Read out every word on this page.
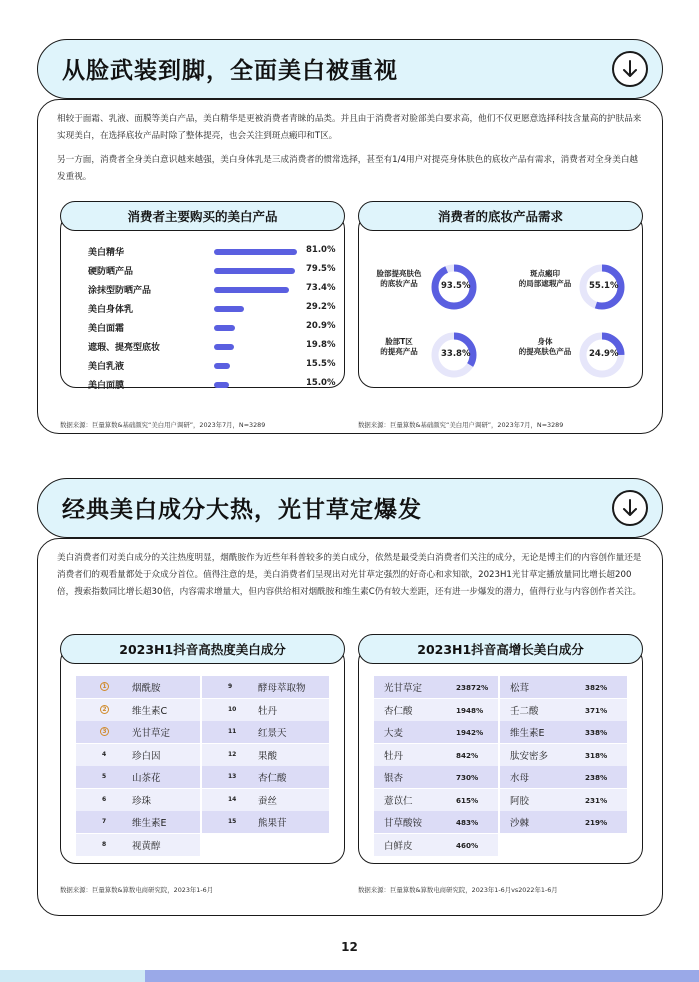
从脸武装到脚，全面美白被重视
相较于面霜、乳液、面膜等美白产品，美白精华是更被消费者青睐的品类。并且由于消费者对脸部美白要求高，他们不仅更愿意选择科技含量高的护肤品来实现美白，在选择底妆产品时除了整体提亮，也会关注到斑点瘢印和T区。
另一方面，消费者全身美白意识越来越强，美白身体乳是三成消费者的惯常选择，甚至有1/4用户对提亮身体肤色的底妆产品有需求，消费者对全身美白越发重视。
消费者主要购买的美白产品
美白精华	81.0%
硬防晒产品	79.5%
涂抹型防晒产品	73.4%
美白身体乳	29.2%
美白面霜	20.9%
遮瑕、提亮型底妆	19.8%
美白乳液	15.5%
美白面膜	15.0%
数据来源：巨量算数&基础颜究“美白用户调研”，2023年7月，N=3289
消费者的底妆产品需求
脸部提亮肤色
的底妆产品	93.5%
斑点瘢印
的局部遮瑕产品	55.1%
脸部T区
的提亮产品	33.8%
身体
的提亮肤色产品	24.9%
数据来源：巨量算数&基础颜究“美白用户调研”，2023年7月，N=3289
经典美白成分大热，光甘草定爆发
美白消费者们对美白成分的关注热度明显，烟酰胺作为近些年科普较多的美白成分，依然是最受美白消费者们关注的成分，无论是博主们的内容创作量还是消费者们的观看量都处于众成分首位。值得注意的是，美白消费者们呈现出对光甘草定强烈的好奇心和求知欲，2023H1光甘草定播放量同比增长超200倍，搜索指数同比增长超30倍，内容需求增量大，但内容供给相对烟酰胺和维生素C仍有较大差距，还有进一步爆发的潜力，值得行业与内容创作者关注。
2023H1抖音高热度美白成分
1	烟酰胺
2	维生素C
3	光甘草定
4	珍白因
5	山茶花
6	珍珠
7	维生素E
8	视黄醇
9	酵母萃取物
10 牡丹
11 红景天
12 果酸
13 杏仁酸
14 蚕丝
15 熊果苷
数据来源：巨量算数&算数电商研究院，2023年1-6月
2023H1抖音高增长美白成分
光甘草定	23872%
杏仁酸	1948%
大麦	1942%
牡丹	842%
银杏	730%
薏苡仁	615%
甘草酸铵	483%
白鲜皮	460%
松茸	382%
壬二酸	371%
维生素E	338%
肽安密多	318%
水母	238%
阿胶	231%
沙棘	219%
数据来源：巨量算数&算数电商研究院，2023年1-6月vs2022年1-6月
12
